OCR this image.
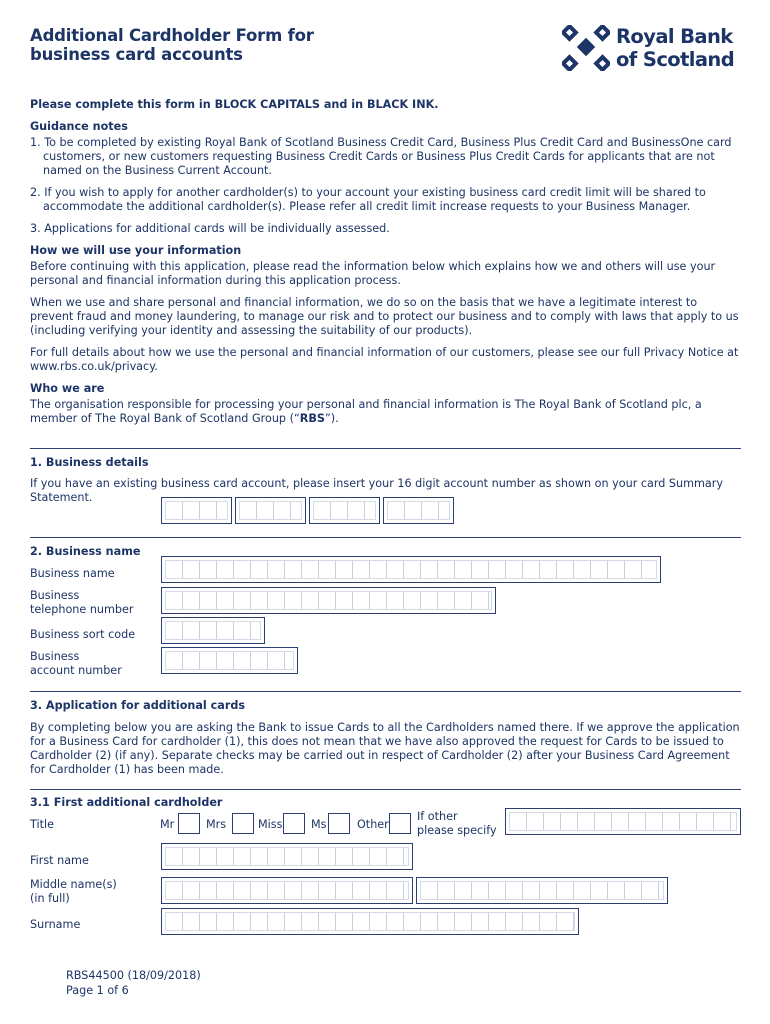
Additional Cardholder Form for
business card accounts
Royal Bank
of Scotland

Please complete this form in BLOCK CAPITALS and in BLACK INK.

Guidance notes

1. To be completed by existing Royal Bank of Scotland Business Credit Card, Business Plus Credit Card and BusinessOne card customers, or new customers requesting Business Credit Cards or Business Plus Credit Cards for applicants that are not named on the Business Current Account.

2. If you wish to apply for another cardholder(s) to your account your existing business card credit limit will be shared to accommodate the additional cardholder(s). Please refer all credit limit increase requests to your Business Manager.

3. Applications for additional cards will be individually assessed.

How we will use your information

Before continuing with this application, please read the information below which explains how we and others will use your personal and financial information during this application process.

When we use and share personal and financial information, we do so on the basis that we have a legitimate interest to prevent fraud and money laundering, to manage our risk and to protect our business and to comply with laws that apply to us (including verifying your identity and assessing the suitability of our products).

For full details about how we use the personal and financial information of our customers, please see our full Privacy Notice at www.rbs.co.uk/privacy.

Who we are

The organisation responsible for processing your personal and financial information is The Royal Bank of Scotland plc, a member of The Royal Bank of Scotland Group (“RBS”).

1. Business details
If you have an existing business card account, please insert your 16 digit account number as shown on your card Summary Statement.
2. Business name
Business name
Business
telephone number
Business sort code
Business
account number
3. Application for additional cards
By completing below you are asking the Bank to issue Cards to all the Cardholders named there. If we approve the application for a Business Card for cardholder (1), this does not mean that we have also approved the request for Cards to be issued to Cardholder (2) (if any). Separate checks may be carried out in respect of Cardholder (2) after your Business Card Agreement for Cardholder (1) has been made.
3.1 First additional cardholder
Title	Mr	Mrs	Miss	Ms	Other
If other
please specify
First name
Middle name(s)
(in full)
Surname
RBS44500 (18/09/2018)
Page 1 of 6
